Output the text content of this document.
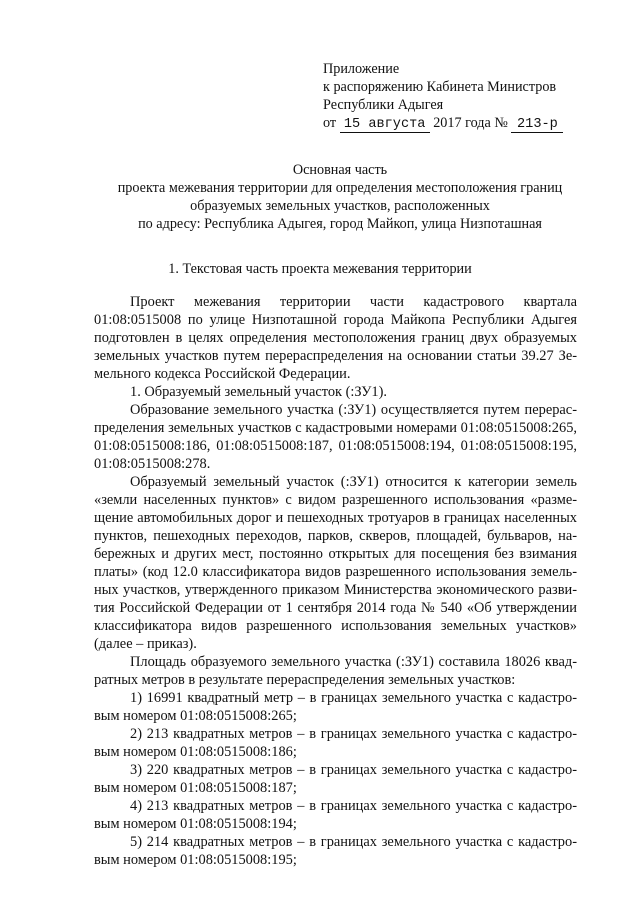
Приложение
к распоряжению Кабинета Министров
Республики Адыгея
от 15 августа 2017 года № 213-р
Основная часть
проекта межевания территории для определения местоположения границ
образуемых земельных участков, расположенных
по адресу: Республика Адыгея, город Майкоп, улица Низпоташная
1. Текстовая часть проекта межевания территории
Проект межевания территории части кадастрового квартала
01:08:0515008 по улице Низпоташной города Майкопа Республики Адыгея
подготовлен в целях определения местоположения границ двух образуемых
земельных участков путем перераспределения на основании статьи 39.27 Зе-
мельного кодекса Российской Федерации.
1. Образуемый земельный участок (:ЗУ1).
Образование земельного участка (:ЗУ1) осуществляется путем перерас-
пределения земельных участков с кадастровыми номерами 01:08:0515008:265,
01:08:0515008:186, 01:08:0515008:187, 01:08:0515008:194, 01:08:0515008:195,
01:08:0515008:278.
Образуемый земельный участок (:ЗУ1) относится к категории земель
«земли населенных пунктов» с видом разрешенного использования «разме-
щение автомобильных дорог и пешеходных тротуаров в границах населенных
пунктов, пешеходных переходов, парков, скверов, площадей, бульваров, на-
бережных и других мест, постоянно открытых для посещения без взимания
платы» (код 12.0 классификатора видов разрешенного использования земель-
ных участков, утвержденного приказом Министерства экономического разви-
тия Российской Федерации от 1 сентября 2014 года № 540 «Об утверждении
классификатора видов разрешенного использования земельных участков»
(далее – приказ).
Площадь образуемого земельного участка (:ЗУ1) составила 18026 квад-
ратных метров в результате перераспределения земельных участков:
1) 16991 квадратный метр – в границах земельного участка с кадастро-
вым номером 01:08:0515008:265;
2) 213 квадратных метров – в границах земельного участка с кадастро-
вым номером 01:08:0515008:186;
3) 220 квадратных метров – в границах земельного участка с кадастро-
вым номером 01:08:0515008:187;
4) 213 квадратных метров – в границах земельного участка с кадастро-
вым номером 01:08:0515008:194;
5) 214 квадратных метров – в границах земельного участка с кадастро-
вым номером 01:08:0515008:195;
